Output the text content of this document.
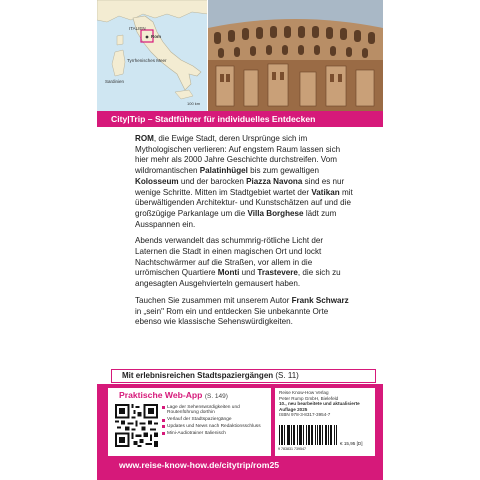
ITALIEN
Rom
Tyrrhenisches Meer
Sardinien
100 km
City|Trip – Stadtführer für individuelles Entdecken

ROM, die Ewige Stadt, deren Ursprünge sich im Mythologischen verlieren: Auf engstem Raum lassen sich hier mehr als 2000 Jahre Geschichte durchstreifen. Vom wildromantischen Palatinhügel bis zum gewaltigen Kolosseum und der barocken Piazza Navona sind es nur wenige Schritte. Mitten im Stadtgebiet wartet der Vatikan mit überwältigenden Architektur- und Kunstschätzen auf und die großzügige Parkanlage um die Villa Borghese lädt zum Ausspannen ein.

Abends verwandelt das schummrig-rötliche Licht der Laternen die Stadt in einen magischen Ort und lockt Nachtschwärmer auf die Straßen, vor allem in die urrömischen Quartiere Monti und Trastevere, die sich zu angesagten Ausgehvierteln gemausert haben.

Tauchen Sie zusammen mit unserem Autor Frank Schwarz in „sein" Rom ein und entdecken Sie unbekannte Orte ebenso wie klassische Sehenswürdigkeiten.

Mit erlebnisreichen Stadtspaziergängen (S. 11)
Praktische Web-App (S. 149)
Lage der Sehenswürdigkeiten und Routenführung dorthin
Verlauf der Stadtspaziergänge
Updates und News nach Redaktionsschluss
Mini-Audiotrainer Italienisch
Reise Know-How Verlag
Peter Rump GmbH, Bielefeld
10., neu bearbeitete und aktualisierte Auflage 2025
ISBN 978-3-8317-3954-7
9 783831 739547
€ 15,95 [D]
www.reise-know-how.de/citytrip/rom25
